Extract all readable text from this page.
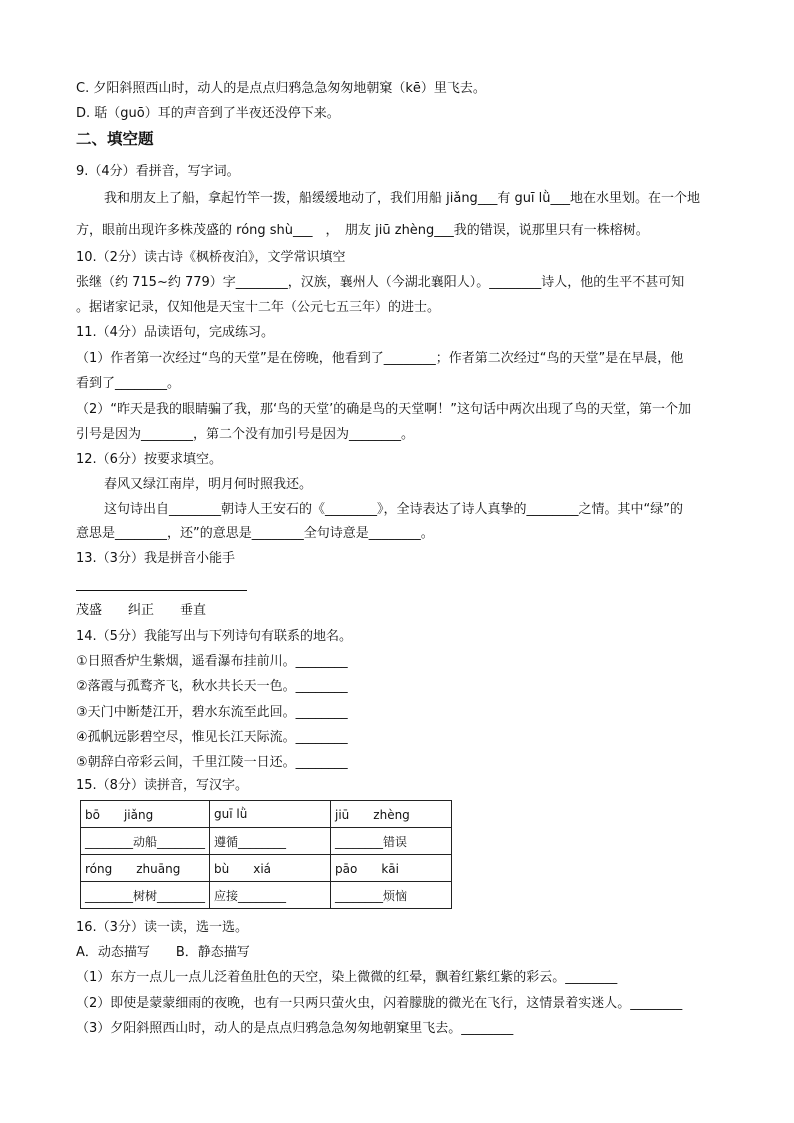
C. 夕阳斜照西山时，动人的是点点归鸦急急匆匆地朝窠（kē）里飞去。
D. 聒（guō）耳的声音到了半夜还没停下来。
二、填空题
9.（4分）看拼音，写字词。
我和朋友上了船，拿起竹竿一拨，船缓缓地动了，我们用船 jiǎng___有 guī lǜ___地在水里划。在一个地
方，眼前出现许多株茂盛的 róng shù___　，　朋友 jiū zhèng___我的错误，说那里只有一株榕树。
10.（2分）读古诗《枫桥夜泊》，文学常识填空
张继（约 715~约 779）字________，汉族，襄州人（今湖北襄阳人）。________诗人，他的生平不甚可知
。据诸家记录，仅知他是天宝十二年（公元七五三年）的进士。
11.（4分）品读语句，完成练习。
（1）作者第一次经过“鸟的天堂”是在傍晚，他看到了________；作者第二次经过“鸟的天堂”是在早晨，他
看到了________。
（2）“昨天是我的眼睛骗了我，那‘鸟的天堂’的确是鸟的天堂啊！”这句话中两次出现了鸟的天堂，第一个加
引号是因为________，第二个没有加引号是因为________。
12.（6分）按要求填空。
春风又绿江南岸，明月何时照我还。
这句诗出自________朝诗人王安石的《________》，全诗表达了诗人真挚的________之情。其中“绿”的
意思是________，还”的意思是________全句诗意是________。
13.（3分）我是拼音小能手
茂盛　　纠正　　垂直
14.（5分）我能写出与下列诗句有联系的地名。
①日照香炉生紫烟，遥看瀑布挂前川。________
②落霞与孤鹜齐飞，秋水共长天一色。________
③天门中断楚江开，碧水东流至此回。________
④孤帆远影碧空尽，惟见长江天际流。________
⑤朝辞白帝彩云间，千里江陵一日还。________
15.（8分）读拼音，写汉字。
bō　　jiǎng	guī lǜ	jiū　　zhèng
________动船________	遵循________	________错误
róng　　zhuāng	bù　　xiá	pāo　　kāi
________树树________	应接________	________烦恼
16.（3分）读一读，选一选。
A．动态描写　　B．静态描写
（1）东方一点儿一点儿泛着鱼肚色的天空，染上微微的红晕，飘着红紫红紫的彩云。________
（2）即使是蒙蒙细雨的夜晚，也有一只两只萤火虫，闪着朦胧的微光在飞行，这情景着实迷人。________
（3）夕阳斜照西山时，动人的是点点归鸦急急匆匆地朝窠里飞去。________
